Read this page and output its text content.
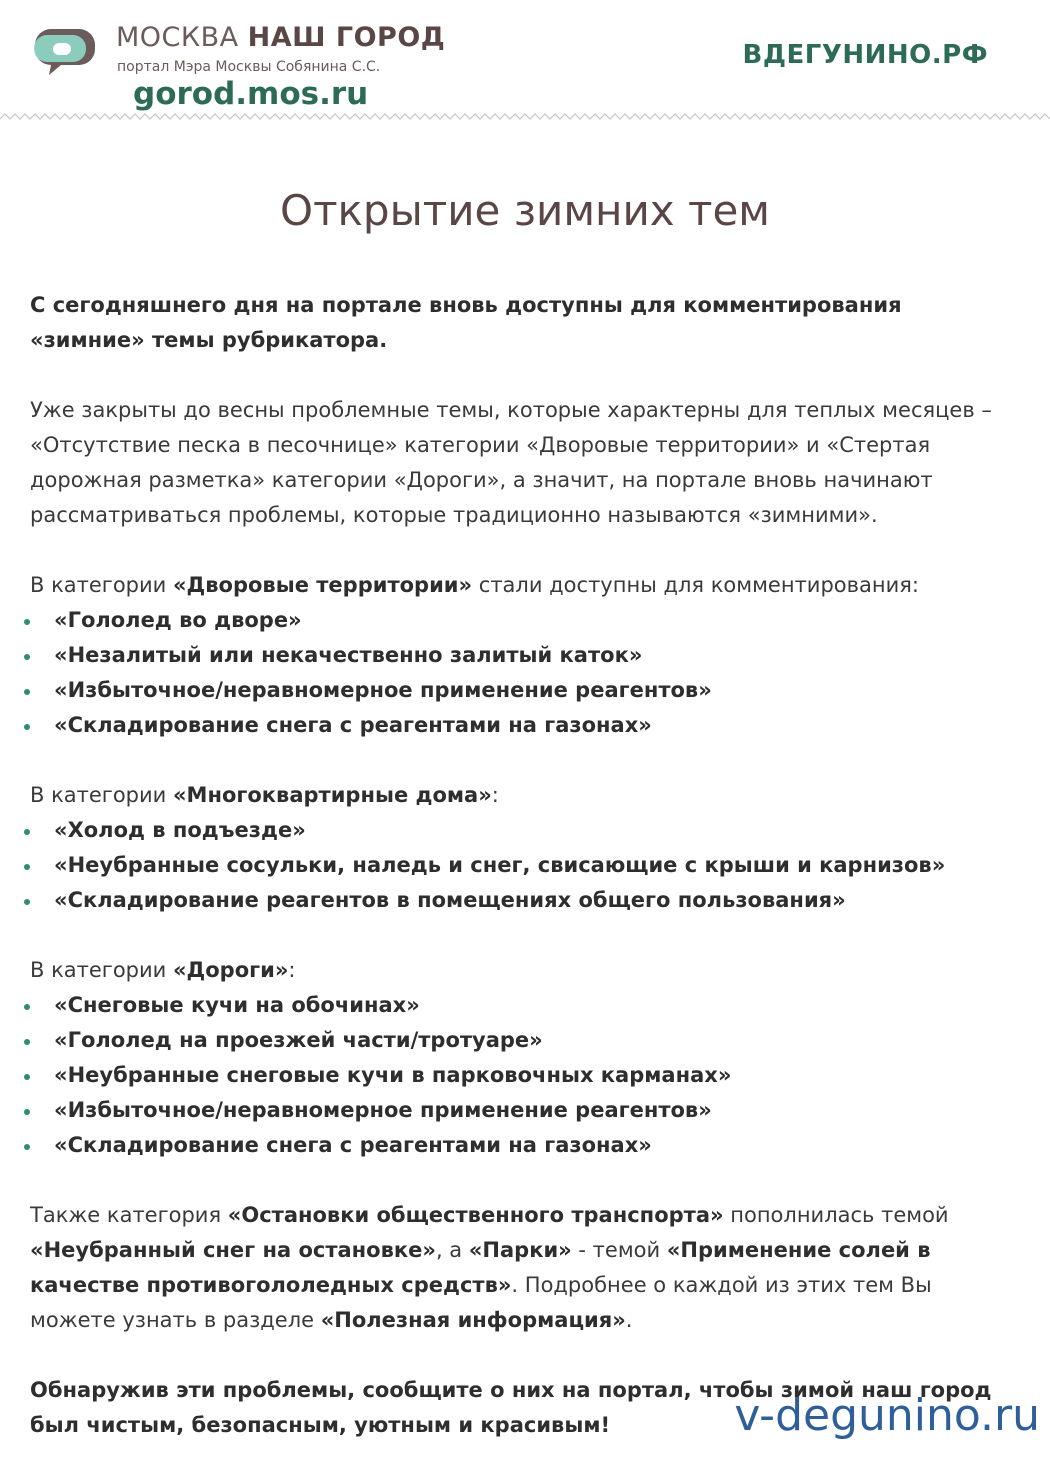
МОСКВА НАШ ГОРОД
портал Мэра Москвы Собянина С.С.
gorod.mos.ru
ВДЕГУНИНО.РФ
Открытие зимних тем

С сегодняшнего дня на портале вновь доступны для комментирования «зимние» темы рубрикатора.

Уже закрыты до весны проблемные темы, которые характерны для теплых месяцев – «Отсутствие песка в песочнице» категории «Дворовые территории» и «Стертая дорожная разметка» категории «Дороги», а значит, на портале вновь начинают рассматриваться проблемы, которые традиционно называются «зимними».

В категории «Дворовые территории» стали доступны для комментирования:

«Гололед во дворе»
«Незалитый или некачественно залитый каток»
«Избыточное/неравномерное применение реагентов»
«Складирование снега с реагентами на газонах»

В категории «Многоквартирные дома»:

«Холод в подъезде»
«Неубранные сосульки, наледь и снег, свисающие с крыши и карнизов»
«Складирование реагентов в помещениях общего пользования»

В категории «Дороги»:

«Снеговые кучи на обочинах»
«Гололед на проезжей части/тротуаре»
«Неубранные снеговые кучи в парковочных карманах»
«Избыточное/неравномерное применение реагентов»
«Складирование снега с реагентами на газонах»

Также категория «Остановки общественного транспорта» пополнилась темой «Неубранный снег на остановке», а «Парки» - темой «Применение солей в качестве противогололедных средств». Подробнее о каждой из этих тем Вы можете узнать в разделе «Полезная информация».

Обнаружив эти проблемы, сообщите о них на портал, чтобы зимой наш город был чистым, безопасным, уютным и красивым!	v-degunino.ru
